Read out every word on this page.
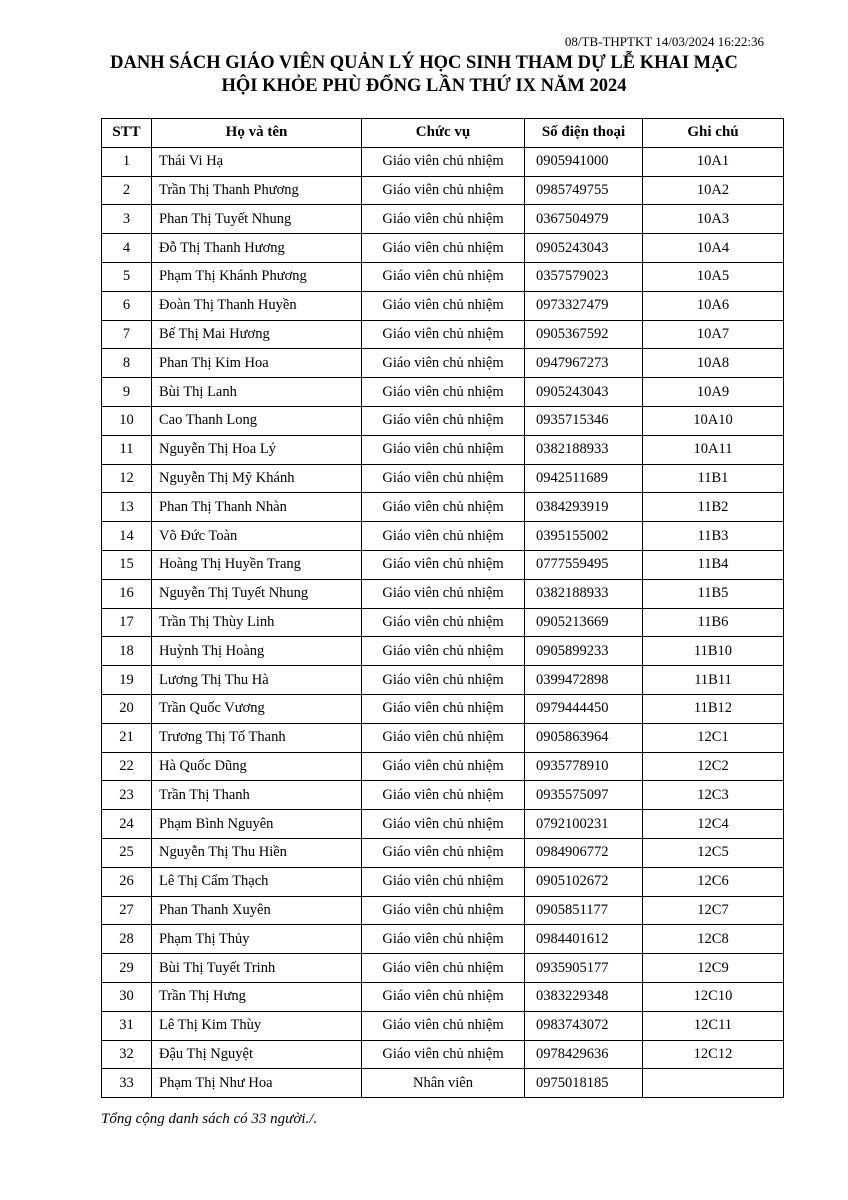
08/TB-THPTKT 14/03/2024 16:22:36
DANH SÁCH GIÁO VIÊN QUẢN LÝ HỌC SINH THAM DỰ LỄ KHAI MẠC
HỘI KHỎE PHÙ ĐỔNG LẦN THỨ IX NĂM 2024
STT	Họ và tên	Chức vụ	Số điện thoại	Ghi chú
1	Thái Vi Hạ	Giáo viên chủ nhiệm	0905941000	10A1
2	Trần Thị Thanh Phương	Giáo viên chủ nhiệm	0985749755	10A2
3	Phan Thị Tuyết Nhung	Giáo viên chủ nhiệm	0367504979	10A3
4	Đỗ Thị Thanh Hương	Giáo viên chủ nhiệm	0905243043	10A4
5	Phạm Thị Khánh Phương	Giáo viên chủ nhiệm	0357579023	10A5
6	Đoàn Thị Thanh Huyền	Giáo viên chủ nhiệm	0973327479	10A6
7	Bế Thị Mai Hương	Giáo viên chủ nhiệm	0905367592	10A7
8	Phan Thị Kim Hoa	Giáo viên chủ nhiệm	0947967273	10A8
9	Bùi Thị Lanh	Giáo viên chủ nhiệm	0905243043	10A9
10	Cao Thanh Long	Giáo viên chủ nhiệm	0935715346	10A10
11	Nguyễn Thị Hoa Lý	Giáo viên chủ nhiệm	0382188933	10A11
12	Nguyễn Thị Mỹ Khánh	Giáo viên chủ nhiệm	0942511689	11B1
13	Phan Thị Thanh Nhàn	Giáo viên chủ nhiệm	0384293919	11B2
14	Võ Đức Toàn	Giáo viên chủ nhiệm	0395155002	11B3
15	Hoàng Thị Huyền Trang	Giáo viên chủ nhiệm	0777559495	11B4
16	Nguyễn Thị Tuyết Nhung	Giáo viên chủ nhiệm	0382188933	11B5
17	Trần Thị Thùy Linh	Giáo viên chủ nhiệm	0905213669	11B6
18	Huỳnh Thị Hoàng	Giáo viên chủ nhiệm	0905899233	11B10
19	Lương Thị Thu Hà	Giáo viên chủ nhiệm	0399472898	11B11
20	Trần Quốc Vương	Giáo viên chủ nhiệm	0979444450	11B12
21	Trương Thị Tố Thanh	Giáo viên chủ nhiệm	0905863964	12C1
22	Hà Quốc Dũng	Giáo viên chủ nhiệm	0935778910	12C2
23	Trần Thị Thanh	Giáo viên chủ nhiệm	0935575097	12C3
24	Phạm Bình Nguyên	Giáo viên chủ nhiệm	0792100231	12C4
25	Nguyễn Thị Thu Hiền	Giáo viên chủ nhiệm	0984906772	12C5
26	Lê Thị Cẩm Thạch	Giáo viên chủ nhiệm	0905102672	12C6
27	Phan Thanh Xuyên	Giáo viên chủ nhiệm	0905851177	12C7
28	Phạm Thị Thủy	Giáo viên chủ nhiệm	0984401612	12C8
29	Bùi Thị Tuyết Trinh	Giáo viên chủ nhiệm	0935905177	12C9
30	Trần Thị Hưng	Giáo viên chủ nhiệm	0383229348	12C10
31	Lê Thị Kim Thùy	Giáo viên chủ nhiệm	0983743072	12C11
32	Đậu Thị Nguyệt	Giáo viên chủ nhiệm	0978429636	12C12
33	Phạm Thị Như Hoa	Nhân viên	0975018185	
Tổng cộng danh sách có 33 người./.
